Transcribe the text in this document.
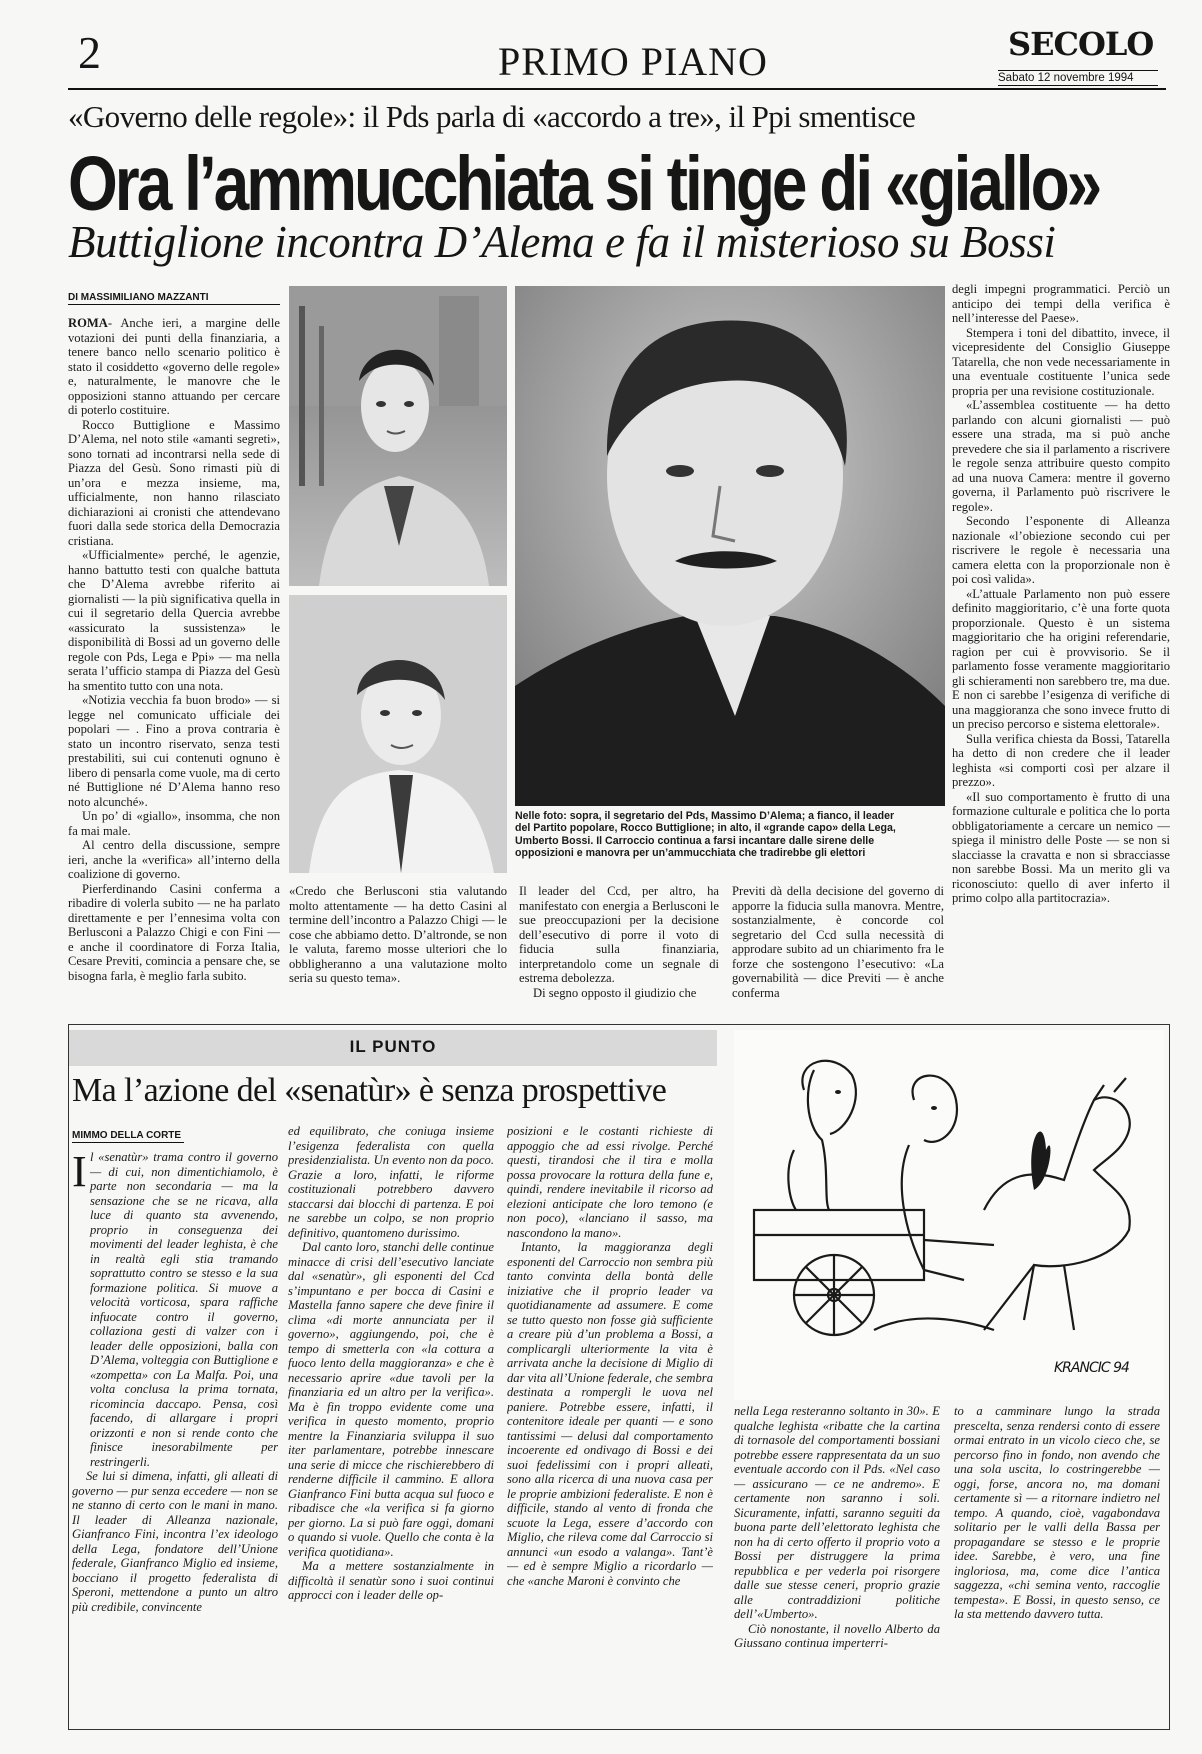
2	PRIMO PIANO	SECOLO
Sabato 12 novembre 1994
«Governo delle regole»: il Pds parla di «accordo a tre», il Ppi smentisce
Ora l’ammucchiata si tinge di «giallo»
Buttiglione incontra D’Alema e fa il misterioso su Bossi
DI MASSIMILIANO MAZZANTI

ROMA- Anche ieri, a margine delle votazioni dei punti della finanziaria, a tenere banco nello scenario politico è stato il cosiddetto «governo delle regole» e, naturalmente, le manovre che le opposizioni stanno attuando per cercare di poterlo costituire.

Rocco Buttiglione e Massimo D’Alema, nel noto stile «amanti segreti», sono tornati ad incontrarsi nella sede di Piazza del Gesù. Sono rimasti più di un’ora e mezza insieme, ma, ufficialmente, non hanno rilasciato dichiarazioni ai cronisti che attendevano fuori dalla sede storica della Democrazia cristiana.

«Ufficialmente» perché, le agenzie, hanno battutto testi con qualche battuta che D’Alema avrebbe riferito ai giornalisti — la più significativa quella in cui il segretario della Quercia avrebbe «assicurato la sussistenza» le disponibilità di Bossi ad un governo delle regole con Pds, Lega e Ppi» — ma nella serata l’ufficio stampa di Piazza del Gesù ha smentito tutto con una nota.

«Notizia vecchia fa buon brodo» — si legge nel comunicato ufficiale dei popolari — . Fino a prova contraria è stato un incontro riservato, senza testi prestabiliti, sui cui contenuti ognuno è libero di pensarla come vuole, ma di certo né Buttiglione né D’Alema hanno reso noto alcunché».

Un po’ di «giallo», insomma, che non fa mai male.

Al centro della discussione, sempre ieri, anche la «verifica» all’interno della coalizione di governo.

Pierferdinando Casini conferma a ribadire di volerla subito — ne ha parlato direttamente e per l’ennesima volta con Berlusconi a Palazzo Chigi e con Fini — e anche il coordinatore di Forza Italia, Cesare Previti, comincia a pensare che, se bisogna farla, è meglio farla subito.

Nelle foto: sopra, il segretario del Pds, Massimo D’Alema; a fianco, il leader del Partito popolare, Rocco Buttiglione; in alto, il «grande capo» della Lega, Umberto Bossi. Il Carroccio continua a farsi incantare dalle sirene delle opposizioni e manovra per un’ammucchiata che tradirebbe gli elettori

«Credo che Berlusconi stia valutando molto attentamente — ha detto Casini al termine dell’incontro a Palazzo Chigi — le cose che abbiamo detto. D’altronde, se non le valuta, faremo mosse ulteriori che lo obbligheranno a una valutazione molto seria su questo tema».

Il leader del Ccd, per altro, ha manifestato con energia a Berlusconi le sue preoccupazioni per la decisione dell’esecutivo di porre il voto di fiducia sulla finanziaria, interpretandolo come un segnale di estrema debolezza.

Di segno opposto il giudizio che

Previti dà della decisione del governo di apporre la fiducia sulla manovra. Mentre, sostanzialmente, è concorde col segretario del Ccd sulla necessità di approdare subito ad un chiarimento fra le forze che sostengono l’esecutivo: «La governabilità — dice Previti — è anche conferma

degli impegni programmatici. Perciò un anticipo dei tempi della verifica è nell’interesse del Paese».

Stempera i toni del dibattito, invece, il vicepresidente del Consiglio Giuseppe Tatarella, che non vede necessariamente in una eventuale costituente l’unica sede propria per una revisione costituzionale.

«L’assemblea costituente — ha detto parlando con alcuni giornalisti — può essere una strada, ma si può anche prevedere che sia il parlamento a riscrivere le regole senza attribuire questo compito ad una nuova Camera: mentre il governo governa, il Parlamento può riscrivere le regole».

Secondo l’esponente di Alleanza nazionale «l’obiezione secondo cui per riscrivere le regole è necessaria una camera eletta con la proporzionale non è poi così valida».

«L’attuale Parlamento non può essere definito maggioritario, c’è una forte quota proporzionale. Questo è un sistema maggioritario che ha origini referendarie, ragion per cui è provvisorio. Se il parlamento fosse veramente maggioritario gli schieramenti non sarebbero tre, ma due. E non ci sarebbe l’esigenza di verifiche di una maggioranza che sono invece frutto di un preciso percorso e sistema elettorale».

Sulla verifica chiesta da Bossi, Tatarella ha detto di non credere che il leader leghista «si comporti così per alzare il prezzo».

«Il suo comportamento è frutto di una formazione culturale e politica che lo porta obbligatoriamente a cercare un nemico — spiega il ministro delle Poste — se non si slacciasse la cravatta e non si sbracciasse non sarebbe Bossi. Ma un merito gli va riconosciuto: quello di aver inferto il primo colpo alla partitocrazia».

IL PUNTO
Ma l’azione del «senatùr» è senza prospettive
MIMMO DELLA CORTE
I l «senatùr» trama contro il governo — di cui, non dimentichiamolo, è parte non secondaria — ma la sensazione che se ne ricava, alla luce di quanto sta avvenendo, proprio in conseguenza dei movimenti del leader leghista, è che in realtà egli stia tramando soprattutto contro se stesso e la sua formazione politica. Si muove a velocità vorticosa, spara raffiche infuocate contro il governo, collaziona gesti di valzer con i leader delle opposizioni, balla con D’Alema, volteggia con Buttiglione e «zompetta» con La Malfa. Poi, una volta conclusa la prima tornata, ricomincia daccapo. Pensa, così facendo, di allargare i propri orizzonti e non si rende conto che finisce inesorabilmente per restringerli.

Se lui si dimena, infatti, gli alleati di governo — pur senza eccedere — non se ne stanno di certo con le mani in mano. Il leader di Alleanza nazionale, Gianfranco Fini, incontra l’ex ideologo della Lega, fondatore dell’Unione federale, Gianfranco Miglio ed insieme, bocciano il progetto federalista di Speroni, mettendone a punto un altro più credibile, convincente

ed equilibrato, che coniuga insieme l’esigenza federalista con quella presidenzialista. Un evento non da poco. Grazie a loro, infatti, le riforme costituzionali potrebbero davvero staccarsi dai blocchi di partenza. E poi ne sarebbe un colpo, se non proprio definitivo, quantomeno durissimo.

Dal canto loro, stanchi delle continue minacce di crisi dell’esecutivo lanciate dal «senatùr», gli esponenti del Ccd s’impuntano e per bocca di Casini e Mastella fanno sapere che deve finire il clima «di morte annunciata per il governo», aggiungendo, poi, che è tempo di smetterla con «la cottura a fuoco lento della maggioranza» e che è necessario aprire «due tavoli per la finanziaria ed un altro per la verifica». Ma è fin troppo evidente come una verifica in questo momento, proprio mentre la Finanziaria sviluppa il suo iter parlamentare, potrebbe innescare una serie di micce che rischierebbero di renderne difficile il cammino. E allora Gianfranco Fini butta acqua sul fuoco e ribadisce che «la verifica si fa giorno per giorno. La si può fare oggi, domani o quando si vuole. Quello che conta è la verifica quotidiana».

Ma a mettere sostanzialmente in difficoltà il senatùr sono i suoi continui approcci con i leader delle op-

posizioni e le costanti richieste di appoggio che ad essi rivolge. Perché questi, tirandosi che il tira e molla possa provocare la rottura della fune e, quindi, rendere inevitabile il ricorso ad elezioni anticipate che loro temono (e non poco), «lanciano il sasso, ma nascondono la mano».

Intanto, la maggioranza degli esponenti del Carroccio non sembra più tanto convinta della bontà delle iniziative che il proprio leader va quotidianamente ad assumere. E come se tutto questo non fosse già sufficiente a creare più d’un problema a Bossi, a complicargli ulteriormente la vita è arrivata anche la decisione di Miglio di dar vita all’Unione federale, che sembra destinata a rompergli le uova nel paniere. Potrebbe essere, infatti, il contenitore ideale per quanti — e sono tantissimi — delusi dal comportamento incoerente ed ondivago di Bossi e dei suoi fedelissimi con i propri alleati, sono alla ricerca di una nuova casa per le proprie ambizioni federaliste. E non è difficile, stando al vento di fronda che scuote la Lega, essere d’accordo con Miglio, che rileva come dal Carroccio si annunci «un esodo a valanga». Tant’è — ed è sempre Miglio a ricordarlo — che «anche Maroni è convinto che

KRANCIC 94

nella Lega resteranno soltanto in 30». E qualche leghista «ribatte che la cartina di tornasole del comportamenti bossiani potrebbe essere rappresentata da un suo eventuale accordo con il Pds. «Nel caso — assicurano — ce ne andremo». E certamente non saranno i soli. Sicuramente, infatti, saranno seguiti da buona parte dell’elettorato leghista che non ha di certo offerto il proprio voto a Bossi per distruggere la prima repubblica e per vederla poi risorgere dalle sue stesse ceneri, proprio grazie alle contraddizioni politiche dell’«Umberto».

Ciò nonostante, il novello Alberto da Giussano continua imperterri-

to a camminare lungo la strada prescelta, senza rendersi conto di essere ormai entrato in un vicolo cieco che, se percorso fino in fondo, non avendo che una sola uscita, lo costringerebbe — oggi, forse, ancora no, ma domani certamente sì — a ritornare indietro nel tempo. A quando, cioè, vagabondava solitario per le valli della Bassa per propagandare se stesso e le proprie idee. Sarebbe, è vero, una fine ingloriosa, ma, come dice l’antica saggezza, «chi semina vento, raccoglie tempesta». E Bossi, in questo senso, ce la sta mettendo davvero tutta.
